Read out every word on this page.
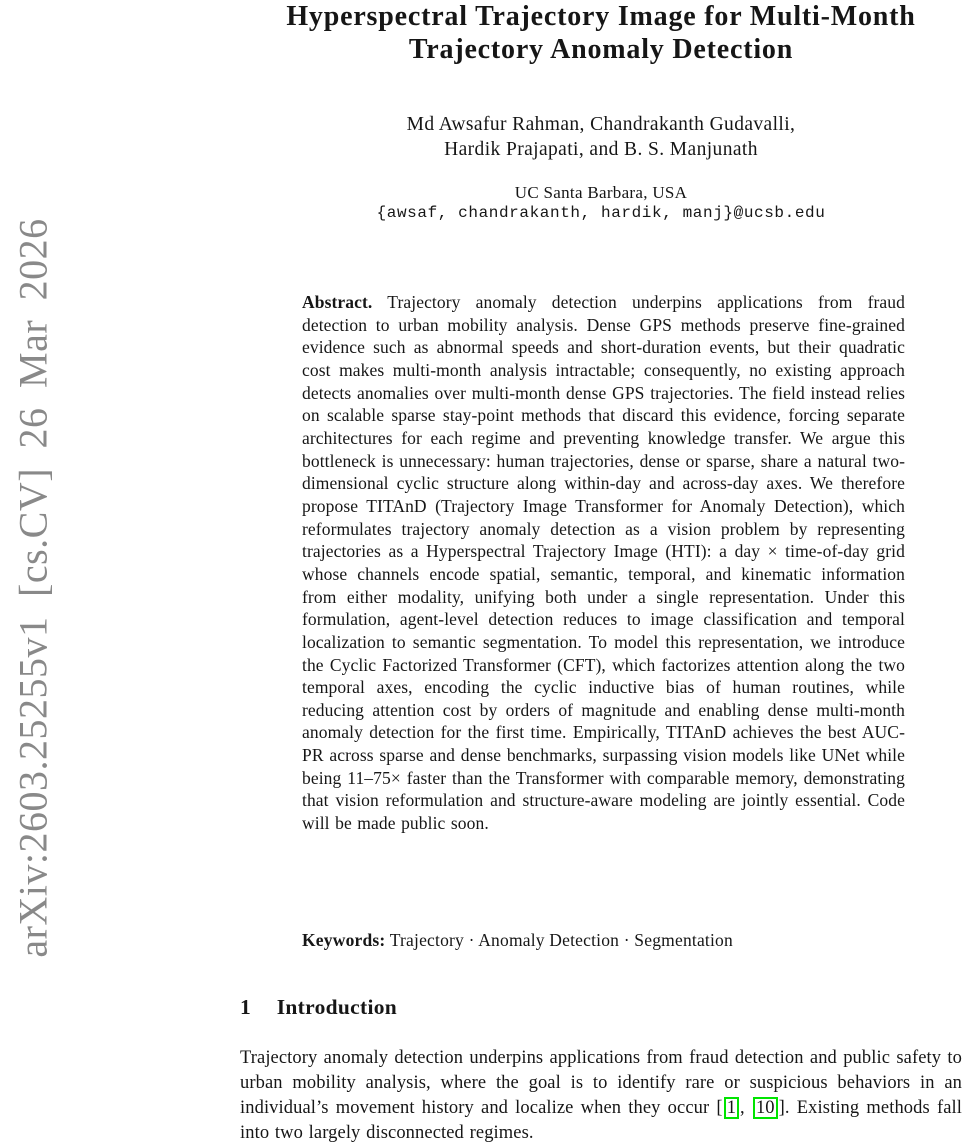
arXiv:2603.25255v1 [cs.CV] 26 Mar 2026
Hyperspectral Trajectory Image for Multi-Month
Trajectory Anomaly Detection
Md Awsafur Rahman, Chandrakanth Gudavalli,
Hardik Prajapati, and B. S. Manjunath
UC Santa Barbara, USA
{awsaf, chandrakanth, hardik, manj}@ucsb.edu
Abstract. Trajectory anomaly detection underpins applications from fraud detection to urban mobility analysis. Dense GPS methods preserve fine-grained evidence such as abnormal speeds and short-duration events, but their quadratic cost makes multi-month analysis intractable; consequently, no existing approach detects anomalies over multi-month dense GPS trajectories. The field instead relies on scalable sparse stay-point methods that discard this evidence, forcing separate architectures for each regime and preventing knowledge transfer. We argue this bottleneck is unnecessary: human trajectories, dense or sparse, share a natural two-dimensional cyclic structure along within-day and across-day axes. We therefore propose TITAnD (Trajectory Image Transformer for Anomaly Detection), which reformulates trajectory anomaly detection as a vision problem by representing trajectories as a Hyperspectral Trajectory Image (HTI): a day × time-of-day grid whose channels encode spatial, semantic, temporal, and kinematic information from either modality, unifying both under a single representation. Under this formulation, agent-level detection reduces to image classification and temporal localization to semantic segmentation. To model this representation, we introduce the Cyclic Factorized Transformer (CFT), which factorizes attention along the two temporal axes, encoding the cyclic inductive bias of human routines, while reducing attention cost by orders of magnitude and enabling dense multi-month anomaly detection for the first time. Empirically, TITAnD achieves the best AUC-PR across sparse and dense benchmarks, surpassing vision models like UNet while being 11–75× faster than the Transformer with comparable memory, demonstrating that vision reformulation and structure-aware modeling are jointly essential. Code will be made public soon.
Keywords: Trajectory · Anomaly Detection · Segmentation
1 Introduction
Trajectory anomaly detection underpins applications from fraud detection and public safety to urban mobility analysis, where the goal is to identify rare or suspicious behaviors in an individual’s movement history and localize when they occur [ 1 , 10 ]. Existing methods fall into two largely disconnected regimes.
